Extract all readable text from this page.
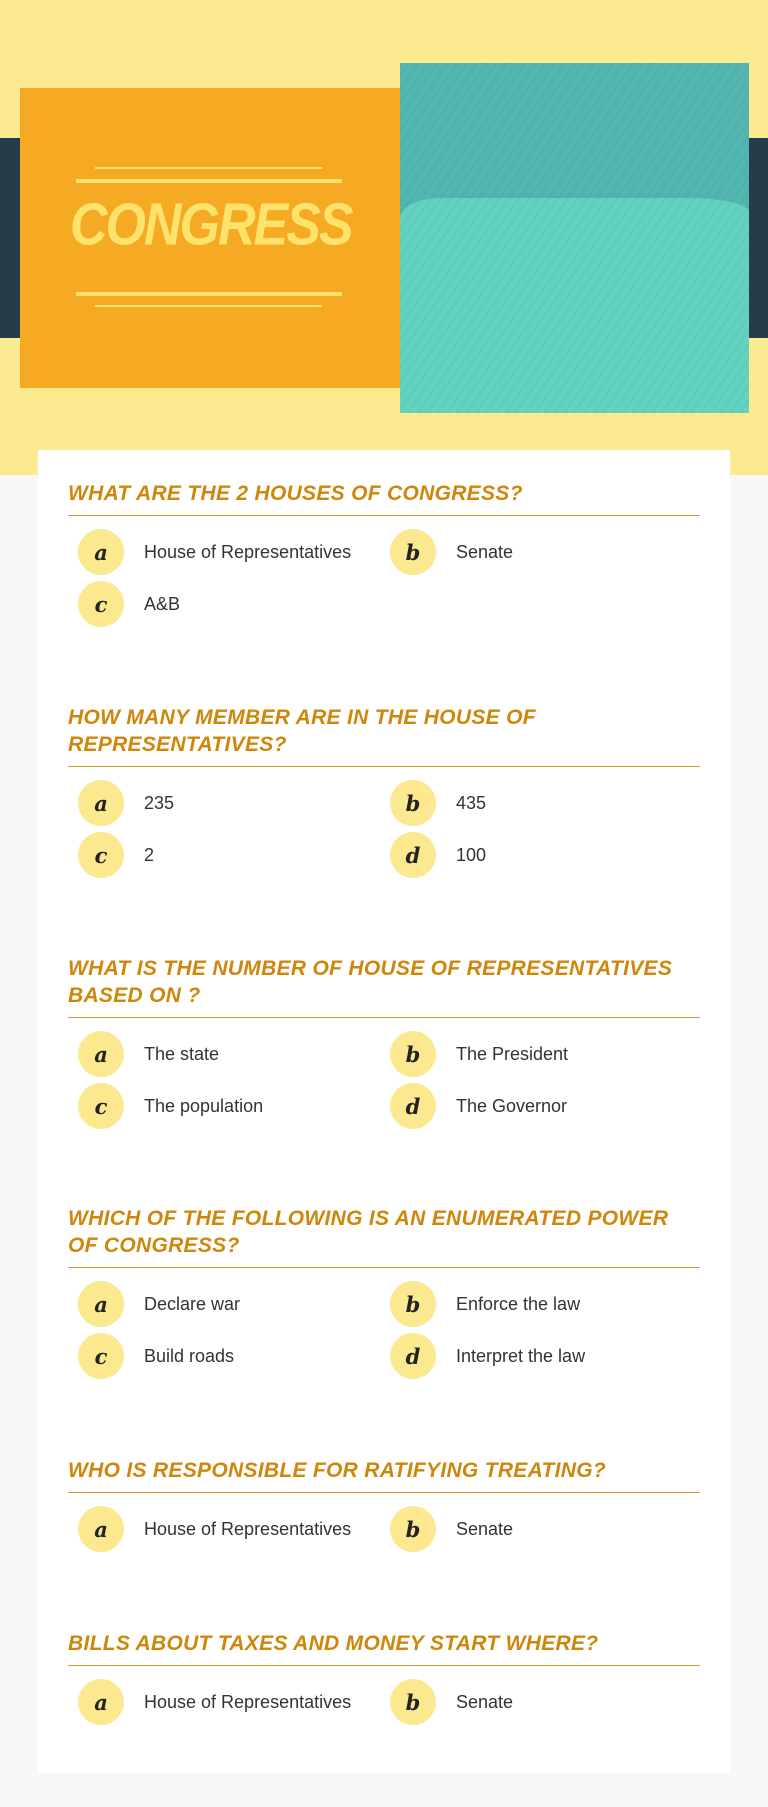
CONGRESS
WHAT ARE THE 2 HOUSES OF CONGRESS?
a	House of Representatives	b	Senate
c	A&B
HOW MANY MEMBER ARE IN THE HOUSE OF REPRESENTATIVES?
a	235	b	435
c	2	d	100
WHAT IS THE NUMBER OF HOUSE OF REPRESENTATIVES BASED ON ?
a	The state	b	The President
c	The population	d	The Governor
WHICH OF THE FOLLOWING IS AN ENUMERATED POWER OF CONGRESS?
a	Declare war	b	Enforce the law
c	Build roads	d	Interpret the law
WHO IS RESPONSIBLE FOR RATIFYING TREATING?
a	House of Representatives	b	Senate
BILLS ABOUT TAXES AND MONEY START WHERE?
a	House of Representatives	b	Senate
